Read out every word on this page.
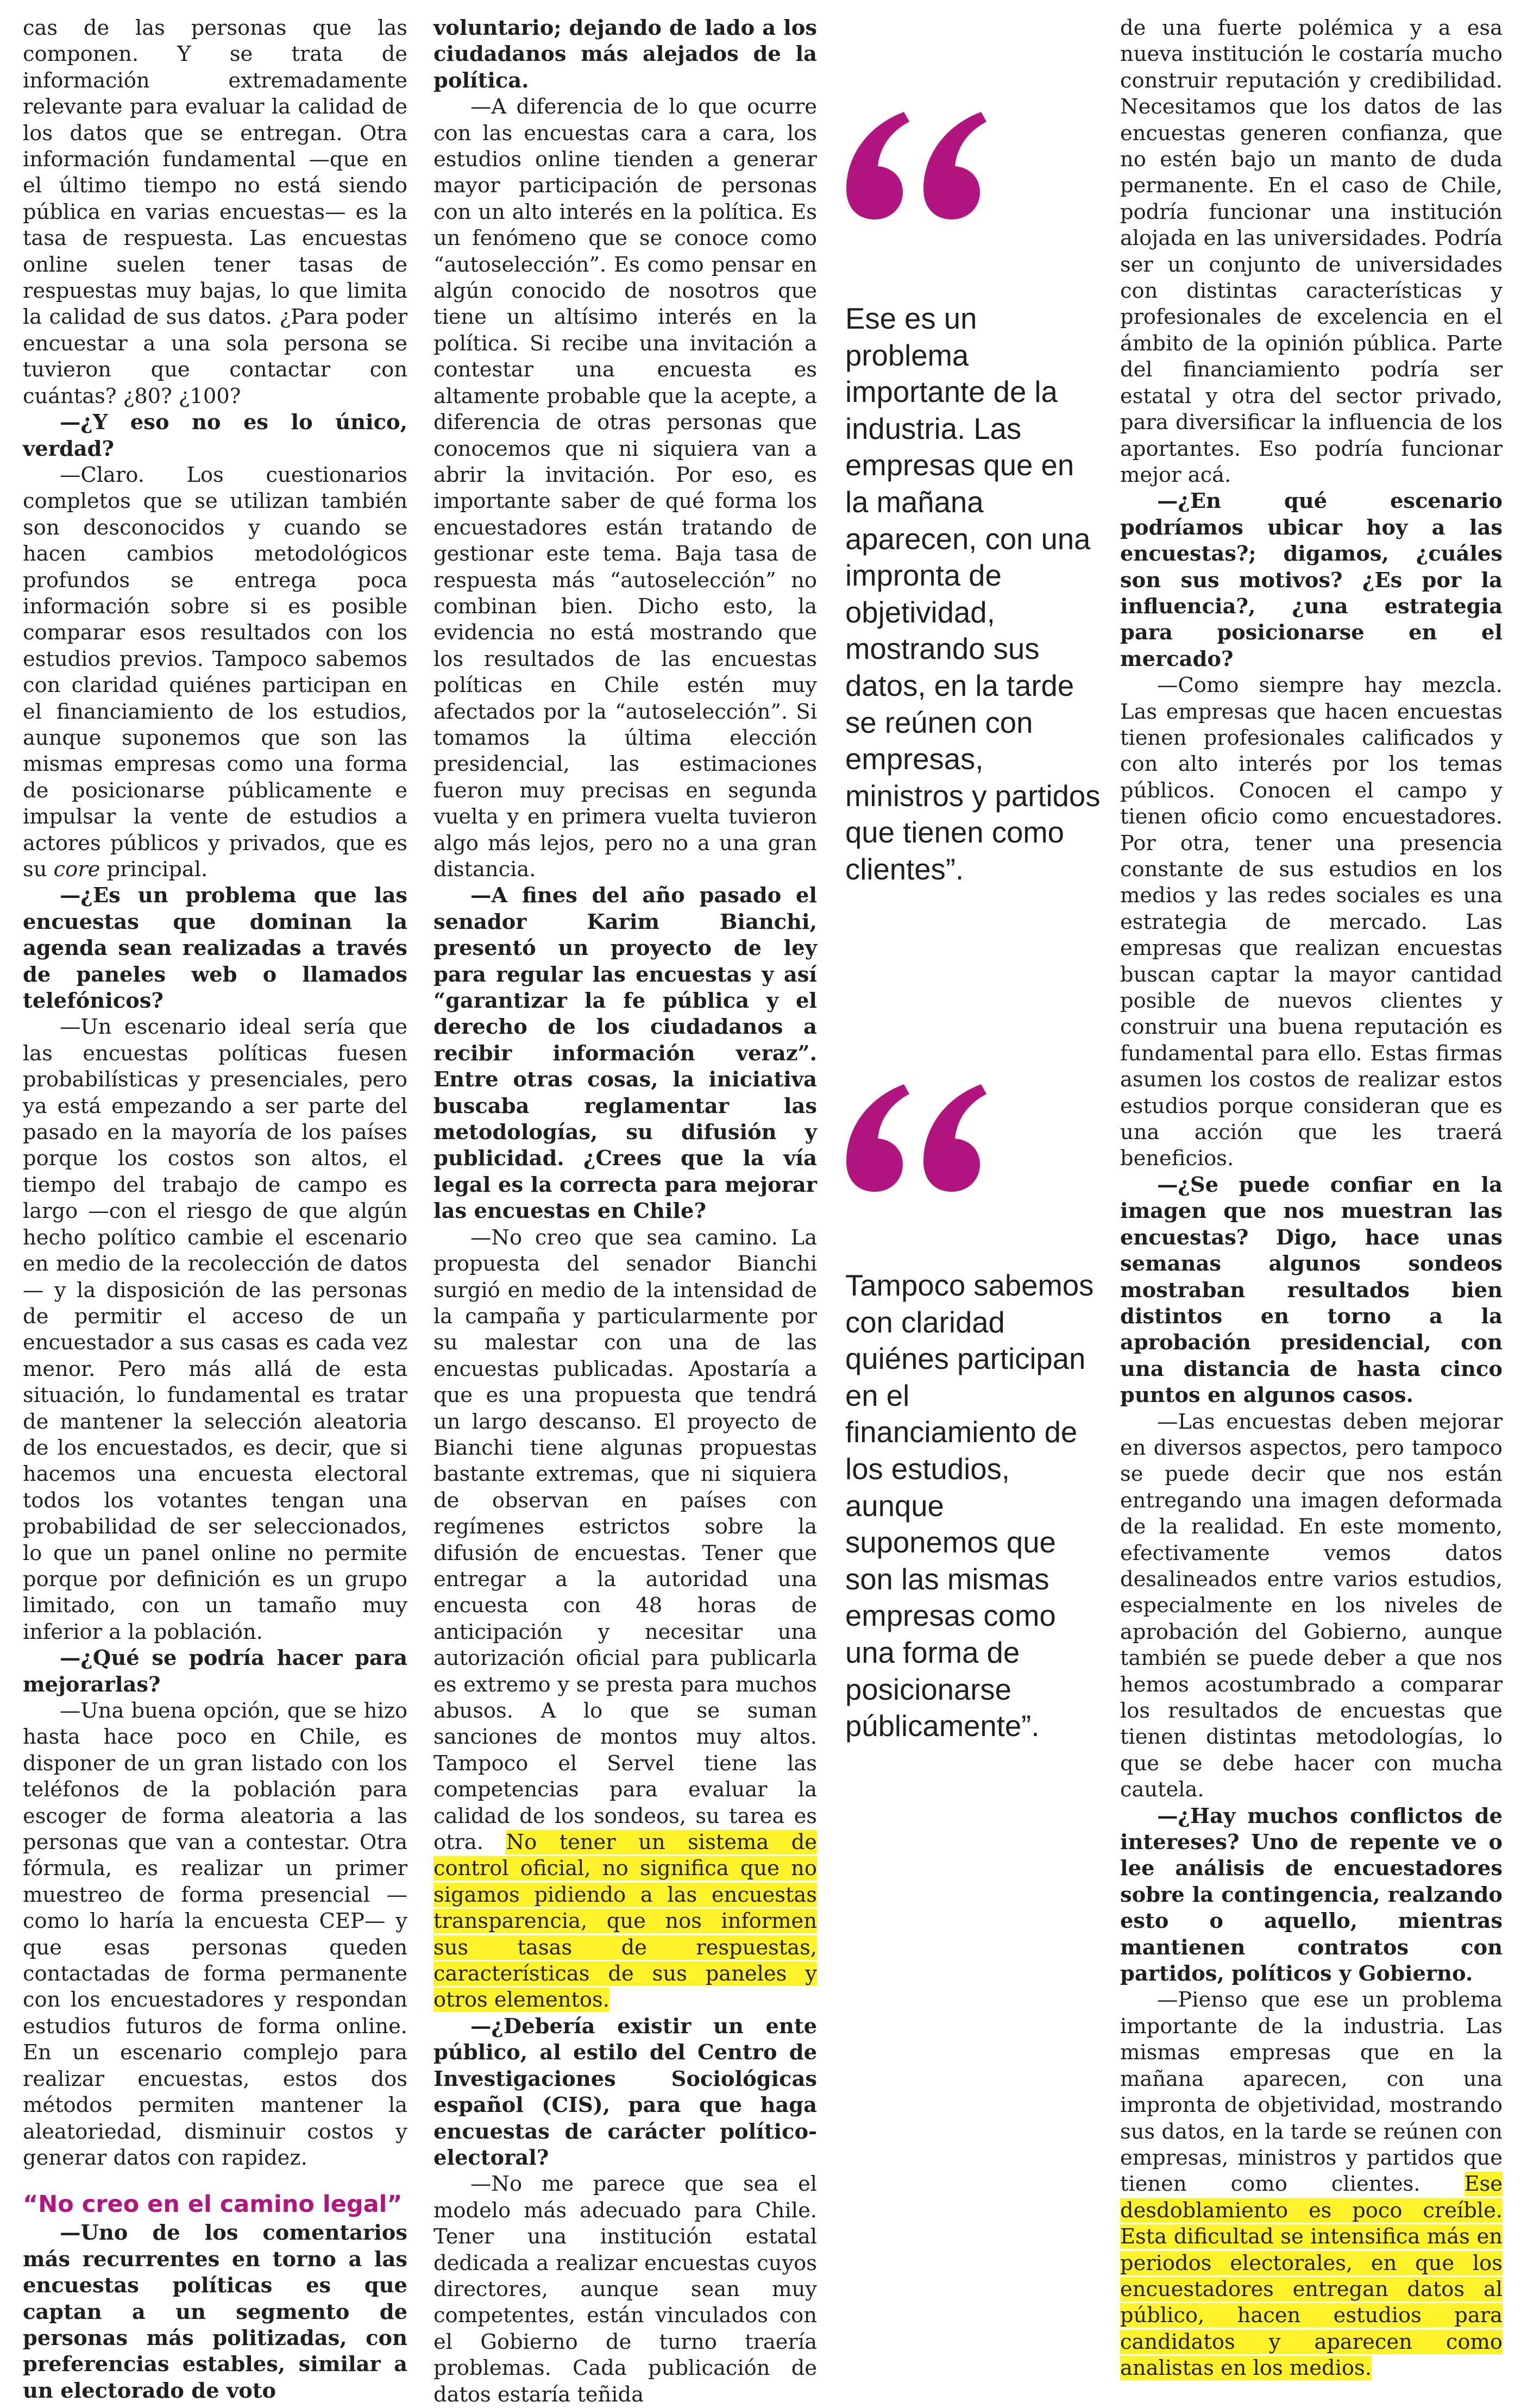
cas de las personas que las componen. Y se trata de información extremadamente relevante para evaluar la calidad de los datos que se entregan. Otra información fundamental —que en el último tiempo no está siendo pública en varias encuestas— es la tasa de respuesta. Las encuestas online suelen tener tasas de respuestas muy bajas, lo que limita la calidad de sus datos. ¿Para poder encuestar a una sola persona se tuvieron que contactar con cuántas? ¿80? ¿100?

—¿Y eso no es lo único, verdad?

—Claro. Los cuestionarios completos que se utilizan también son desconocidos y cuando se hacen cambios metodológicos profundos se entrega poca información sobre si es posible comparar esos resultados con los estudios previos. Tampoco sabemos con claridad quiénes participan en el financiamiento de los estudios, aunque suponemos que son las mismas empresas como una forma de posicionarse públicamente e impulsar la vente de estudios a actores públicos y privados, que es su core principal.

—¿Es un problema que las encuestas que dominan la agenda sean realizadas a través de paneles web o llamados telefónicos?

—Un escenario ideal sería que las encuestas políticas fuesen probabilísticas y presenciales, pero ya está empezando a ser parte del pasado en la mayoría de los países porque los costos son altos, el tiempo del trabajo de campo es largo —con el riesgo de que algún hecho político cambie el escenario en medio de la recolección de datos— y la disposición de las personas de permitir el acceso de un encuestador a sus casas es cada vez menor. Pero más allá de esta situación, lo fundamental es tratar de mantener la selección aleatoria de los encuestados, es decir, que si hacemos una encuesta electoral todos los votantes tengan una probabilidad de ser seleccionados, lo que un panel online no permite porque por definición es un grupo limitado, con un tamaño muy inferior a la población.

—¿Qué se podría hacer para mejorarlas?

—Una buena opción, que se hizo hasta hace poco en Chile, es disponer de un gran listado con los teléfonos de la población para escoger de forma aleatoria a las personas que van a contestar. Otra fórmula, es realizar un primer muestreo de forma presencial —como lo haría la encuesta CEP— y que esas personas queden contactadas de forma permanente con los encuestadores y respondan estudios futuros de forma online. En un escenario complejo para realizar encuestas, estos dos métodos permiten mantener la aleatoriedad, disminuir costos y generar datos con rapidez.

“No creo en el camino legal”

—Uno de los comentarios más recurrentes en torno a las encuestas políticas es que captan a un segmento de personas más politizadas, con preferencias estables, similar a un electorado de voto

voluntario; dejando de lado a los ciudadanos más alejados de la política.

—A diferencia de lo que ocurre con las encuestas cara a cara, los estudios online tienden a generar mayor participación de personas con un alto interés en la política. Es un fenómeno que se conoce como “autoselección”. Es como pensar en algún conocido de nosotros que tiene un altísimo interés en la política. Si recibe una invitación a contestar una encuesta es altamente probable que la acepte, a diferencia de otras personas que conocemos que ni siquiera van a abrir la invitación. Por eso, es importante saber de qué forma los encuestadores están tratando de gestionar este tema. Baja tasa de respuesta más “autoselección” no combinan bien. Dicho esto, la evidencia no está mostrando que los resultados de las encuestas políticas en Chile estén muy afectados por la “autoselección”. Si tomamos la última elección presidencial, las estimaciones fueron muy precisas en segunda vuelta y en primera vuelta tuvieron algo más lejos, pero no a una gran distancia.

—A fines del año pasado el senador Karim Bianchi, presentó un proyecto de ley para regular las encuestas y así “garantizar la fe pública y el derecho de los ciudadanos a recibir información veraz”. Entre otras cosas, la iniciativa buscaba reglamentar las metodologías, su difusión y publicidad. ¿Crees que la vía legal es la correcta para mejorar las encuestas en Chile?

—No creo que sea camino. La propuesta del senador Bianchi surgió en medio de la intensidad de la campaña y particularmente por su malestar con una de las encuestas publicadas. Apostaría a que es una propuesta que tendrá un largo descanso. El proyecto de Bianchi tiene algunas propuestas bastante extremas, que ni siquiera de observan en países con regímenes estrictos sobre la difusión de encuestas. Tener que entregar a la autoridad una encuesta con 48 horas de anticipación y necesitar una autorización oficial para publicarla es extremo y se presta para muchos abusos. A lo que se suman sanciones de montos muy altos. Tampoco el Servel tiene las competencias para evaluar la calidad de los sondeos, su tarea es otra. No tener un sistema de control oficial, no significa que no sigamos pidiendo a las encuestas transparencia, que nos informen sus tasas de respuestas, características de sus paneles y otros elementos.

—¿Debería existir un ente público, al estilo del Centro de Investigaciones Sociológicas español (CIS), para que haga encuestas de carácter político-electoral?

—No me parece que sea el modelo más adecuado para Chile. Tener una institución estatal dedicada a realizar encuestas cuyos directores, aunque sean muy competentes, están vinculados con el Gobierno de turno traería problemas. Cada publicación de datos estaría teñida

Ese es un problema importante de la industria. Las empresas que en la mañana aparecen, con una impronta de objetividad, mostrando sus datos, en la tarde se reúnen con empresas, ministros y partidos que tienen como clientes”.
Tampoco sabemos con claridad quiénes participan en el financiamiento de los estudios, aunque suponemos que son las mismas empresas como una forma de posicionarse públicamente”.

de una fuerte polémica y a esa nueva institución le costaría mucho construir reputación y credibilidad. Necesitamos que los datos de las encuestas generen confianza, que no estén bajo un manto de duda permanente. En el caso de Chile, podría funcionar una institución alojada en las universidades. Podría ser un conjunto de universidades con distintas características y profesionales de excelencia en el ámbito de la opinión pública. Parte del financiamiento podría ser estatal y otra del sector privado, para diversificar la influencia de los aportantes. Eso podría funcionar mejor acá.

—¿En qué escenario podríamos ubicar hoy a las encuestas?; digamos, ¿cuáles son sus motivos? ¿Es por la influencia?, ¿una estrategia para posicionarse en el mercado?

—Como siempre hay mezcla. Las empresas que hacen encuestas tienen profesionales calificados y con alto interés por los temas públicos. Conocen el campo y tienen oficio como encuestadores. Por otra, tener una presencia constante de sus estudios en los medios y las redes sociales es una estrategia de mercado. Las empresas que realizan encuestas buscan captar la mayor cantidad posible de nuevos clientes y construir una buena reputación es fundamental para ello. Estas firmas asumen los costos de realizar estos estudios porque consideran que es una acción que les traerá beneficios.

—¿Se puede confiar en la imagen que nos muestran las encuestas? Digo, hace unas semanas algunos sondeos mostraban resultados bien distintos en torno a la aprobación presidencial, con una distancia de hasta cinco puntos en algunos casos.

—Las encuestas deben mejorar en diversos aspectos, pero tampoco se puede decir que nos están entregando una imagen deformada de la realidad. En este momento, efectivamente vemos datos desalineados entre varios estudios, especialmente en los niveles de aprobación del Gobierno, aunque también se puede deber a que nos hemos acostumbrado a comparar los resultados de encuestas que tienen distintas metodologías, lo que se debe hacer con mucha cautela.

—¿Hay muchos conflictos de intereses? Uno de repente ve o lee análisis de encuestadores sobre la contingencia, realzando esto o aquello, mientras mantienen contratos con partidos, políticos y Gobierno.

—Pienso que ese un problema importante de la industria. Las mismas empresas que en la mañana aparecen, con una impronta de objetividad, mostrando sus datos, en la tarde se reúnen con empresas, ministros y partidos que tienen como clientes. Ese desdoblamiento es poco creíble. Esta dificultad se intensifica más en periodos electorales, en que los encuestadores entregan datos al público, hacen estudios para candidatos y aparecen como analistas en los medios.
